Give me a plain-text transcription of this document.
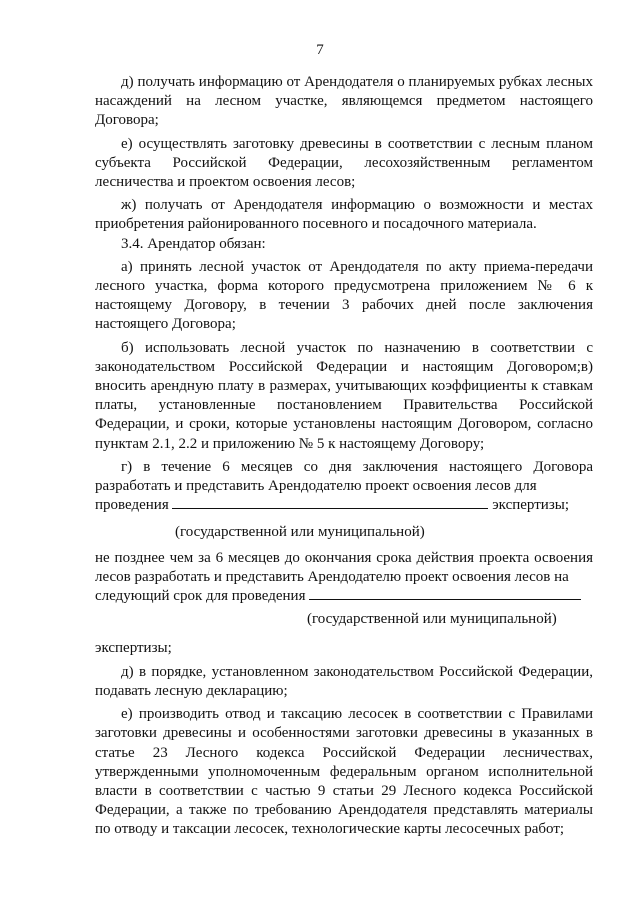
7

д) получать информацию от Арендодателя о планируемых рубках лесных насаждений на лесном участке, являющемся предметом настоящего Договора;

е) осуществлять заготовку древесины в соответствии с лесным планом субъекта Российской Федерации, лесохозяйственным регламентом лесничества и проектом освоения лесов;

ж) получать от Арендодателя информацию о возможности и местах приобретения районированного посевного и посадочного материала.

3.4. Арендатор обязан:

а) принять лесной участок от Арендодателя по акту приема-передачи лесного участка, форма которого предусмотрена приложением № 6 к настоящему Договору, в течении 3 рабочих дней после заключения настоящего Договора;

б) использовать лесной участок по назначению в соответствии с законодательством Российской Федерации и настоящим Договором;в) вносить арендную плату в размерах, учитывающих коэффициенты к ставкам платы, установленные постановлением Правительства Российской Федерации, и сроки, которые установлены настоящим Договором, согласно пунктам 2.1, 2.2 и приложению № 5 к настоящему Договору;

г) в течение 6 месяцев со дня заключения настоящего Договора разработать и представить Арендодателю проект освоения лесов для

проведения	экспертизы;

(государственной или муниципальной)

не позднее чем за 6 месяцев до окончания срока действия проекта освоения лесов разработать и представить Арендодателю проект освоения лесов на

следующий срок для проведения

(государственной или муниципальной)

экспертизы;

д) в порядке, установленном законодательством Российской Федерации, подавать лесную декларацию;

е) производить отвод и таксацию лесосек в соответствии с Правилами заготовки древесины и особенностями заготовки древесины в указанных в статье 23 Лесного кодекса Российской Федерации лесничествах, утвержденными уполномоченным федеральным органом исполнительной власти в соответствии с частью 9 статьи 29 Лесного кодекса Российской Федерации, а также по требованию Арендодателя представлять материалы по отводу и таксации лесосек, технологические карты лесосечных работ;
